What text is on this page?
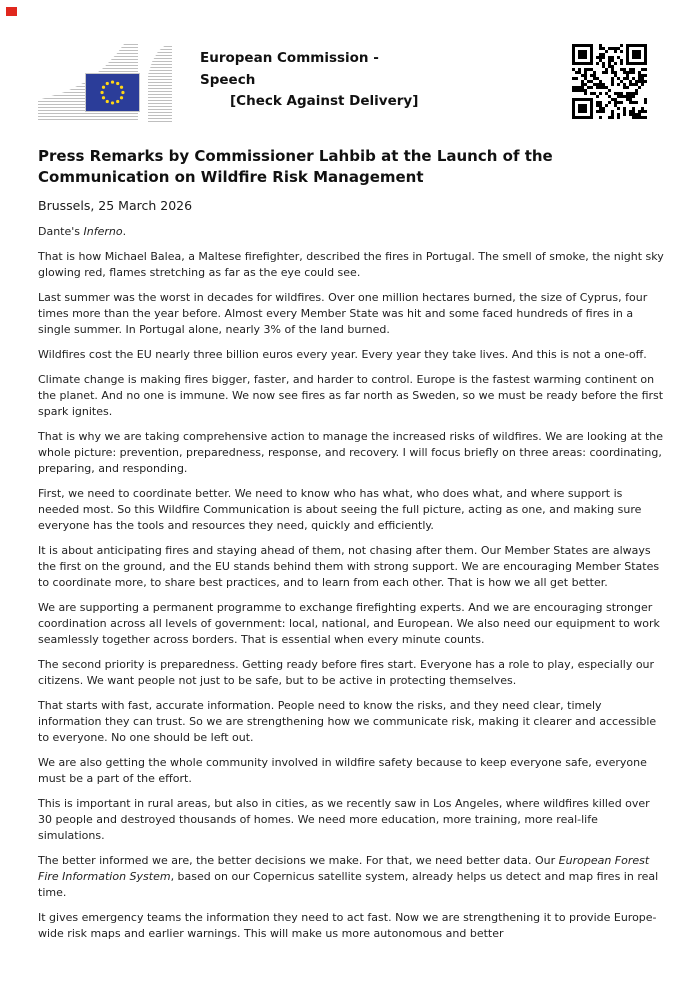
European Commission -
Speech
[Check Against Delivery]
Press Remarks by Commissioner Lahbib at the Launch of the Communication on Wildfire Risk Management

Brussels, 25 March 2026

Dante's Inferno.

That is how Michael Balea, a Maltese firefighter, described the fires in Portugal. The smell of smoke, the night sky glowing red, flames stretching as far as the eye could see.

Last summer was the worst in decades for wildfires. Over one million hectares burned, the size of Cyprus, four times more than the year before. Almost every Member State was hit and some faced hundreds of fires in a single summer. In Portugal alone, nearly 3% of the land burned.

Wildfires cost the EU nearly three billion euros every year. Every year they take lives. And this is not a one-off.

Climate change is making fires bigger, faster, and harder to control. Europe is the fastest warming continent on the planet. And no one is immune. We now see fires as far north as Sweden, so we must be ready before the first spark ignites.

That is why we are taking comprehensive action to manage the increased risks of wildfires. We are looking at the whole picture: prevention, preparedness, response, and recovery. I will focus briefly on three areas: coordinating, preparing, and responding.

First, we need to coordinate better. We need to know who has what, who does what, and where support is needed most. So this Wildfire Communication is about seeing the full picture, acting as one, and making sure everyone has the tools and resources they need, quickly and efficiently.

It is about anticipating fires and staying ahead of them, not chasing after them. Our Member States are always the first on the ground, and the EU stands behind them with strong support. We are encouraging Member States to coordinate more, to share best practices, and to learn from each other. That is how we all get better.

We are supporting a permanent programme to exchange firefighting experts. And we are encouraging stronger coordination across all levels of government: local, national, and European. We also need our equipment to work seamlessly together across borders. That is essential when every minute counts.

The second priority is preparedness. Getting ready before fires start. Everyone has a role to play, especially our citizens. We want people not just to be safe, but to be active in protecting themselves.

That starts with fast, accurate information. People need to know the risks, and they need clear, timely information they can trust. So we are strengthening how we communicate risk, making it clearer and accessible to everyone. No one should be left out.

We are also getting the whole community involved in wildfire safety because to keep everyone safe, everyone must be a part of the effort.

This is important in rural areas, but also in cities, as we recently saw in Los Angeles, where wildfires killed over 30 people and destroyed thousands of homes. We need more education, more training, more real-life simulations.

The better informed we are, the better decisions we make. For that, we need better data. Our European Forest Fire Information System, based on our Copernicus satellite system, already helps us detect and map fires in real time.

It gives emergency teams the information they need to act fast. Now we are strengthening it to provide Europe-wide risk maps and earlier warnings. This will make us more autonomous and better
